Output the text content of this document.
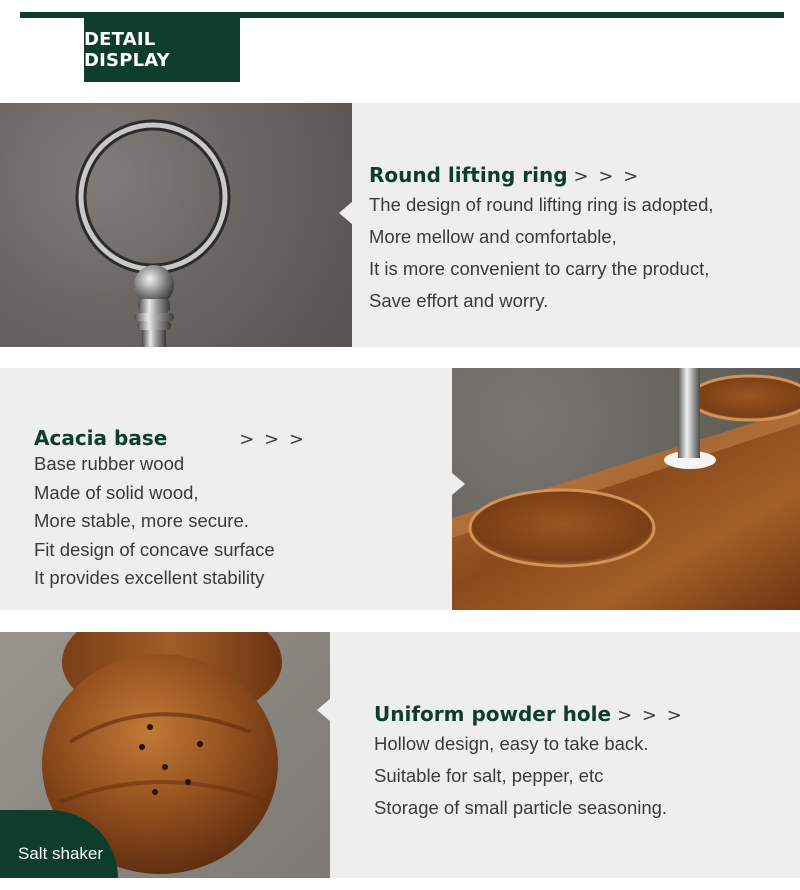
DETAIL DISPLAY
Round lifting ring > > >
The design of round lifting ring is adopted,
More mellow and comfortable,
It is more convenient to carry the product,
Save effort and worry.
Acacia base	> > >
Base rubber wood
Made of solid wood,
More stable, more secure.
Fit design of concave surface
It provides excellent stability
Salt shaker
Uniform powder hole > > >
Hollow design, easy to take back.
Suitable for salt, pepper, etc
Storage of small particle seasoning.
